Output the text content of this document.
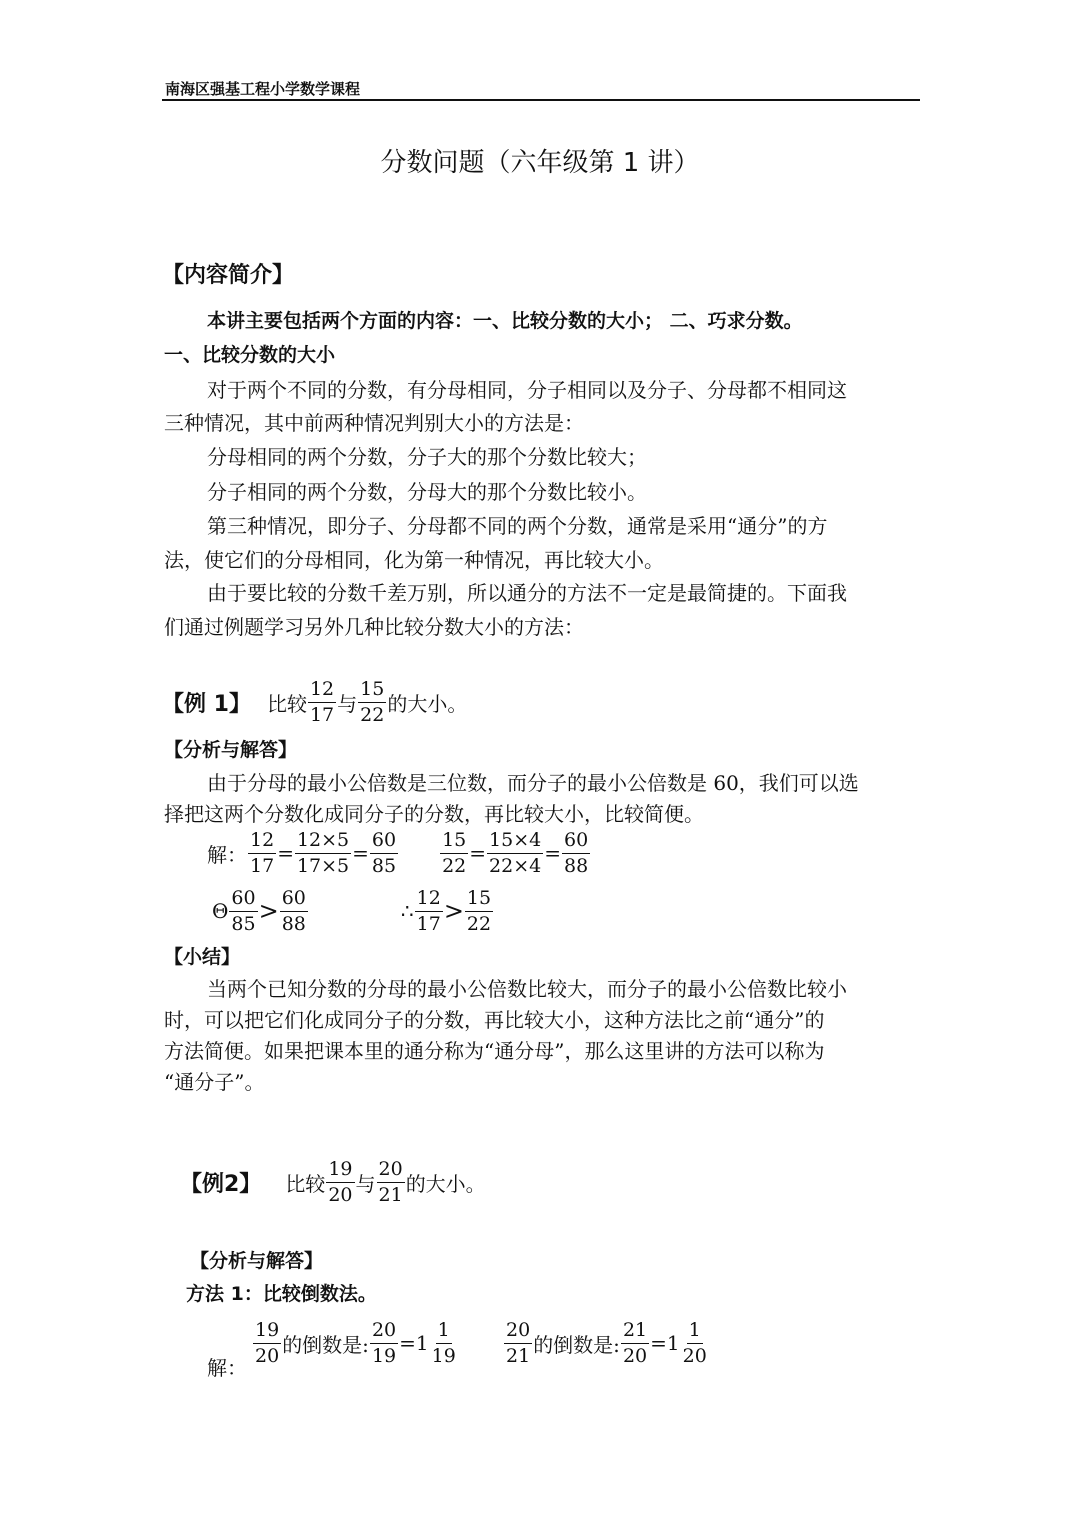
南海区强基工程小学数学课程
分数问题（六年级第 1 讲）
【内容简介】
本讲主要包括两个方面的内容：一、比较分数的大小； 二、巧求分数。
一、比较分数的大小
对于两个不同的分数，有分母相同，分子相同以及分子、分母都不相同这
三种情况，其中前两种情况判别大小的方法是：
分母相同的两个分数，分子大的那个分数比较大；
分子相同的两个分数，分母大的那个分数比较小。
第三种情况，即分子、分母都不同的两个分数，通常是采用“通分”的方
法，使它们的分母相同，化为第一种情况，再比较大小。
由于要比较的分数千差万别，所以通分的方法不一定是最简捷的。下面我
们通过例题学习另外几种比较分数大小的方法：
【例 1】 比较 $\frac{12}{17}$ 与 $\frac{15}{22}$ 的大小。
【分析与解答】
由于分母的最小公倍数是三位数，而分子的最小公倍数是 60，我们可以选
择把这两个分数化成同分子的分数，再比较大小，比较简便。
解： $\frac{12}{17} = \frac{12\times 5}{17\times 5} = \frac{60}{85} \frac{15}{22} = \frac{15\times 4}{22\times 4} = \frac{60}{88}$
Θ $\frac{60}{85} > \frac{60}{88}$	∴ $\frac{12}{17} > \frac{15}{22}$
【小结】
当两个已知分数的分母的最小公倍数比较大，而分子的最小公倍数比较小
时，可以把它们化成同分子的分数，再比较大小，这种方法比之前“通分”的
方法简便。如果把课本里的通分称为“通分母”，那么这里讲的方法可以称为
“通分子”。
【例2】 比较 $\frac{19}{20}$ 与 $\frac{20}{21}$ 的大小。
【分析与解答】
方法 1：比较倒数法。
解：
$\frac{19}{20}$ 的倒数是: $\frac{20}{19} = 1 \frac{1}{19} \frac{20}{21}$ 的倒数是: $\frac{21}{20} = 1 \frac{1}{20}$
